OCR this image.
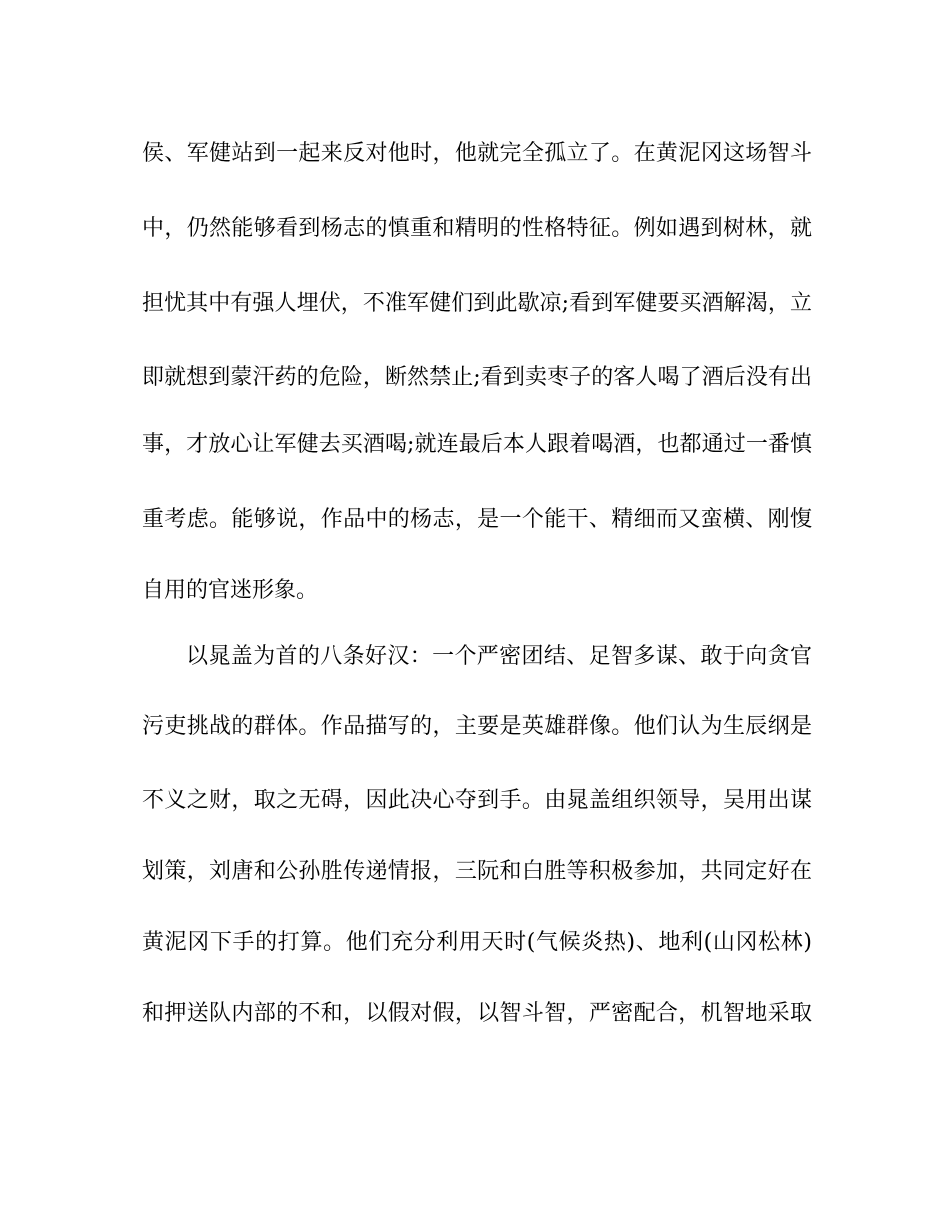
侯、军健站到一起来反对他时，他就完全孤立了。在黄泥冈这场智斗
中，仍然能够看到杨志的慎重和精明的性格特征。例如遇到树林，就
担忧其中有强人埋伏，不准军健们到此歇凉;看到军健要买酒解渴，立
即就想到蒙汗药的危险，断然禁止;看到卖枣子的客人喝了酒后没有出
事，才放心让军健去买酒喝;就连最后本人跟着喝酒，也都通过一番慎
重考虑。能够说，作品中的杨志，是一个能干、精细而又蛮横、刚愎
自用的官迷形象。
以晁盖为首的八条好汉：一个严密团结、足智多谋、敢于向贪官
污吏挑战的群体。作品描写的，主要是英雄群像。他们认为生辰纲是
不义之财，取之无碍，因此决心夺到手。由晁盖组织领导，吴用出谋
划策，刘唐和公孙胜传递情报，三阮和白胜等积极参加，共同定好在
黄泥冈下手的打算。他们充分利用天时(气候炎热)、地利(山冈松林)
和押送队内部的不和，以假对假，以智斗智，严密配合，机智地采取
